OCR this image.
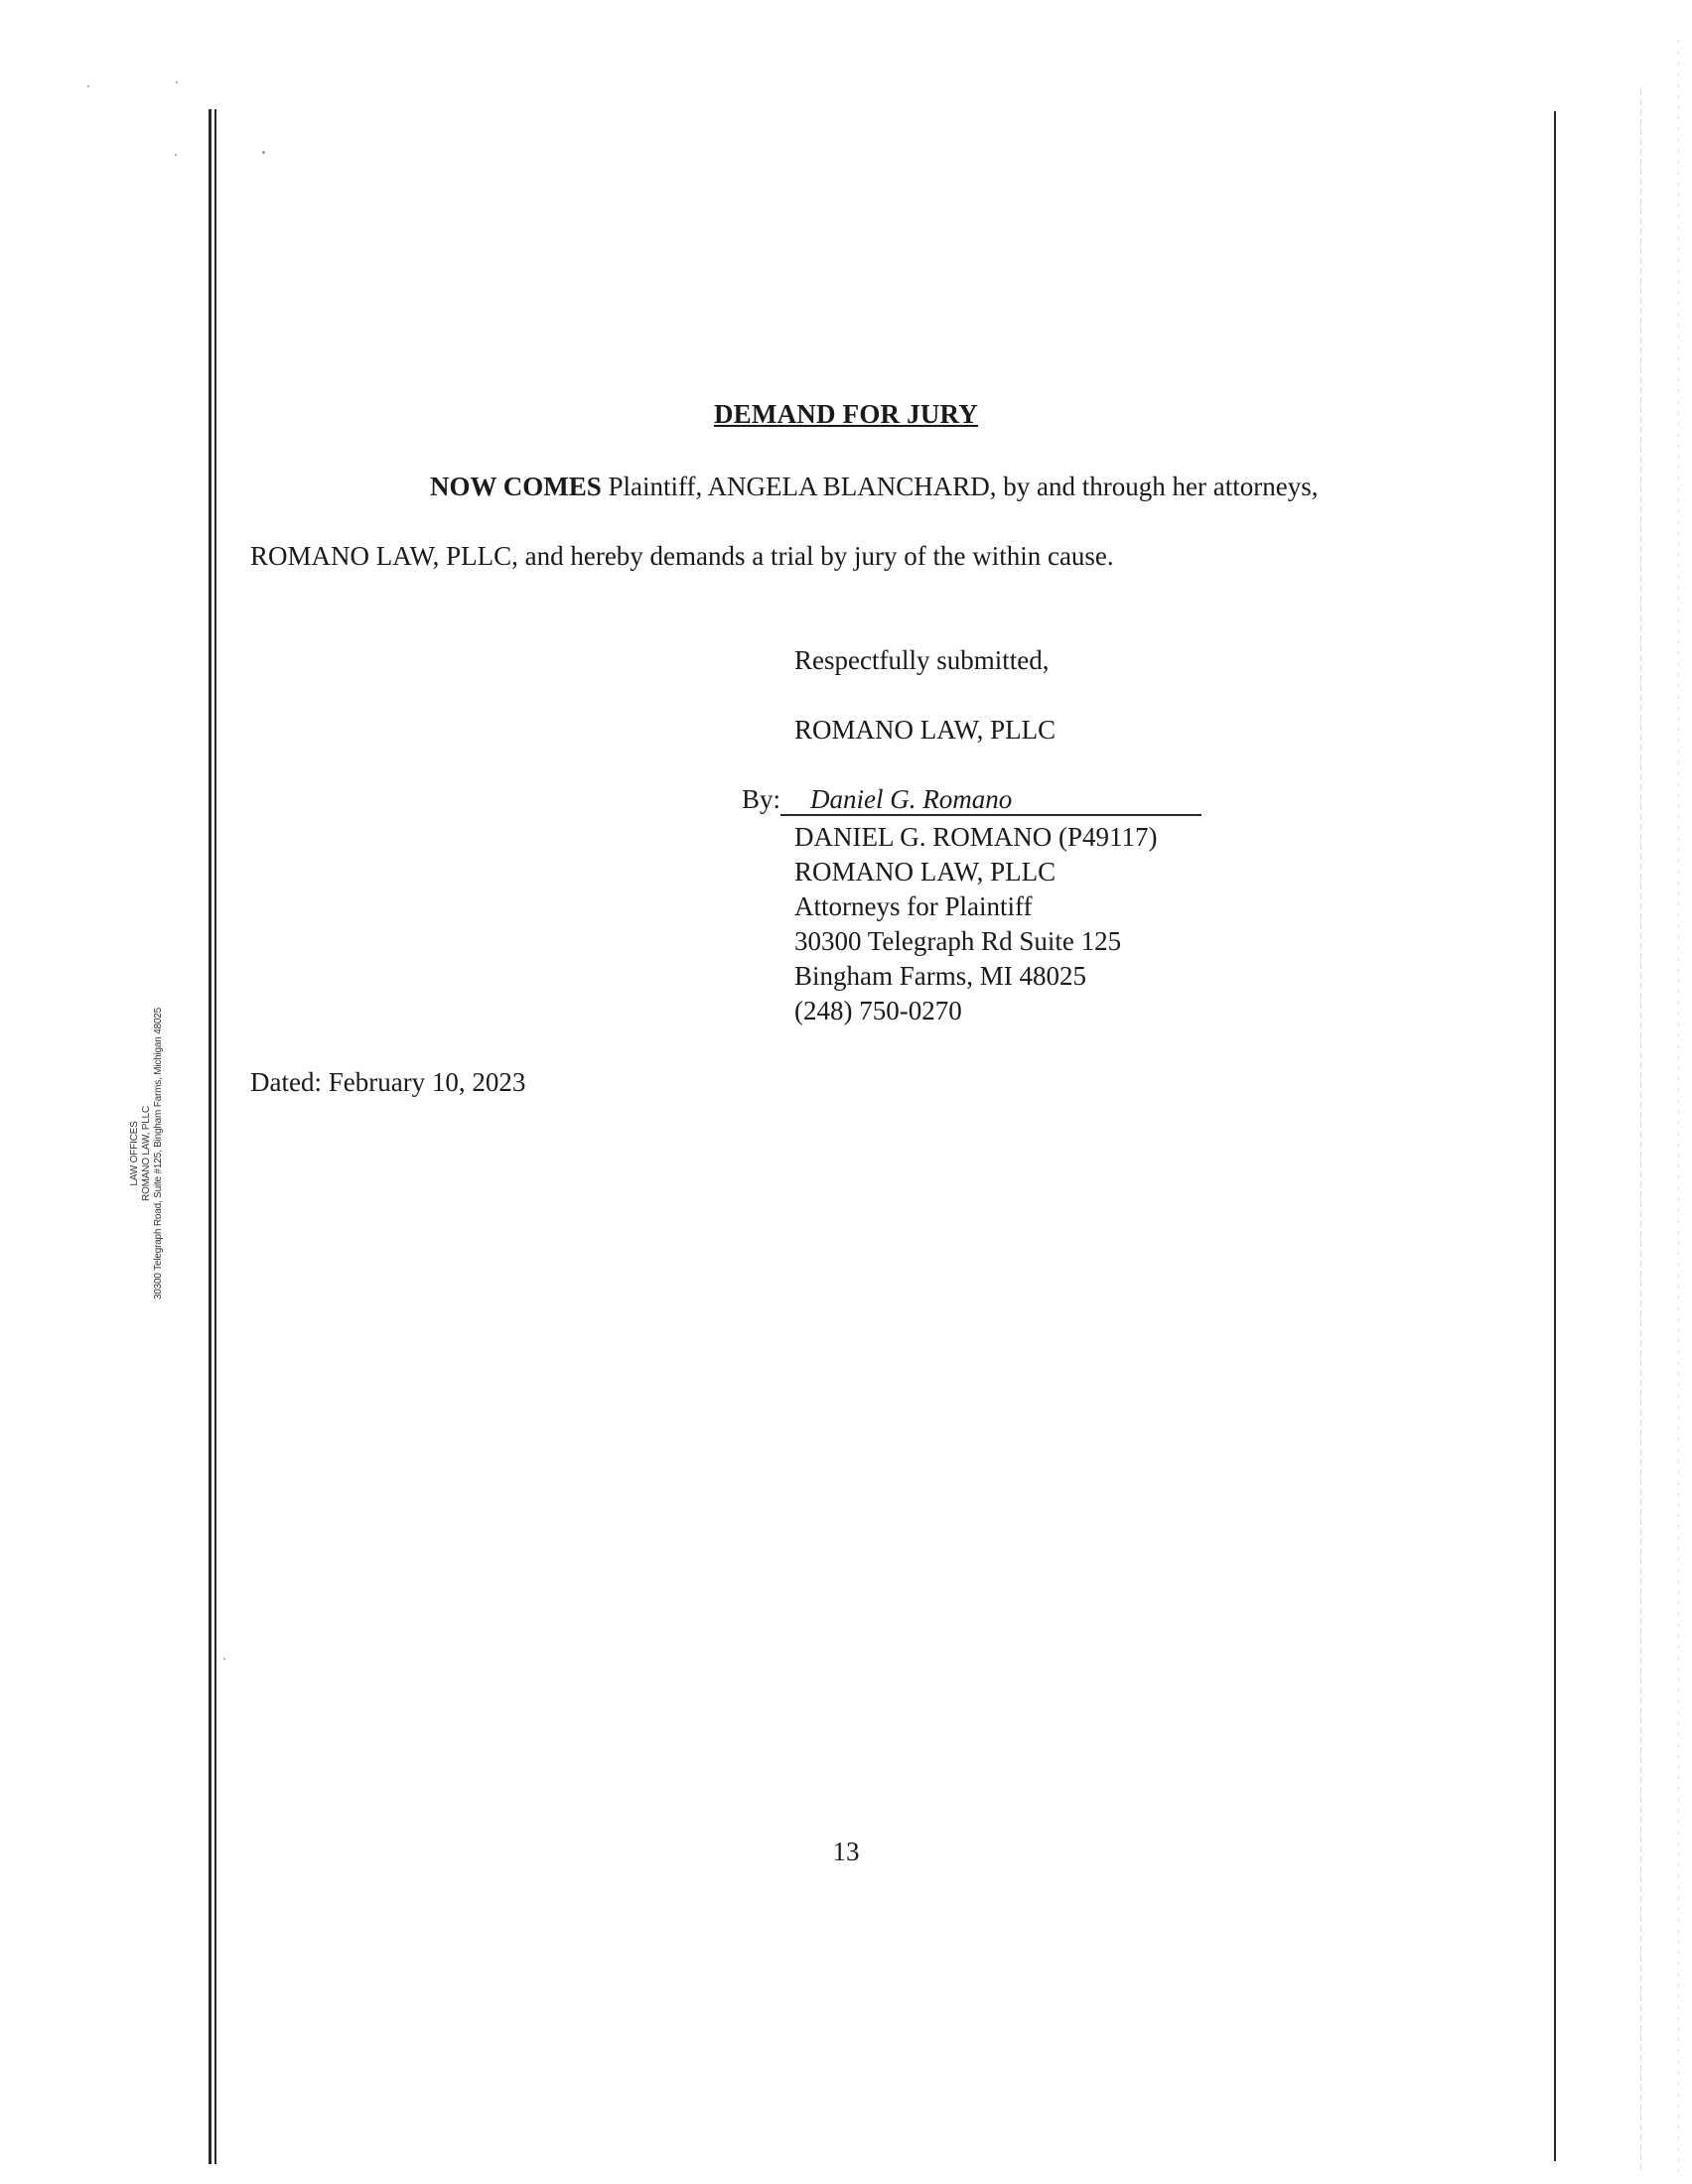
LAW OFFICES ROMANO LAW, PLLC 30300 Telegraph Road, Suite #125, Bingham Farms, Michigan 48025
DEMAND FOR JURY
NOW COMES Plaintiff, ANGELA BLANCHARD, by and through her attorneys,
ROMANO LAW, PLLC, and hereby demands a trial by jury of the within cause.
Respectfully submitted,
ROMANO LAW, PLLC
By: Daniel G. Romano
DANIEL G. ROMANO (P49117)
ROMANO LAW, PLLC
Attorneys for Plaintiff
30300 Telegraph Rd Suite 125
Bingham Farms, MI 48025
(248) 750-0270
Dated: February 10, 2023
13
